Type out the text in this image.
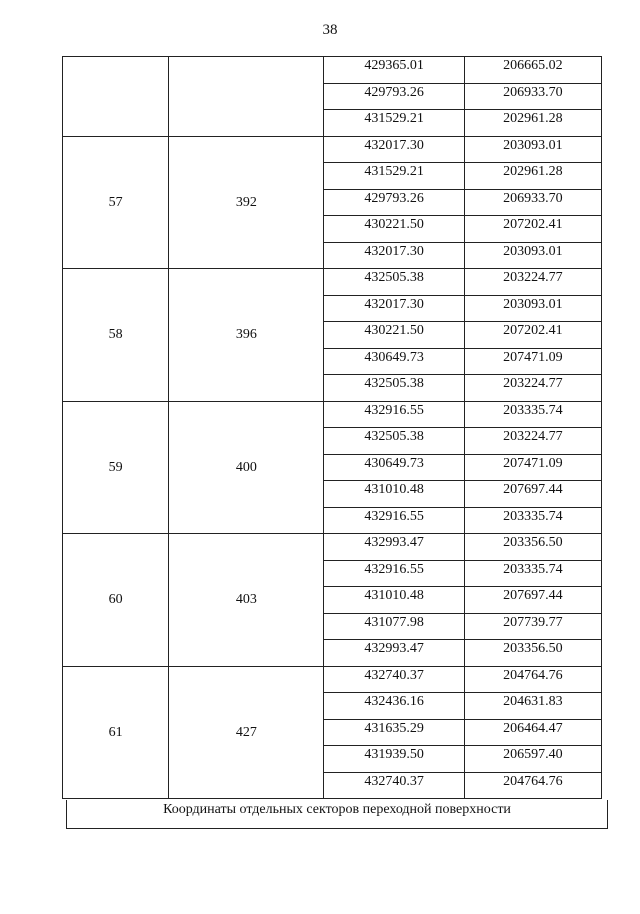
38
		429365.01	206665.02
		429793.26	206933.70
		431529.21	202961.28
57	392	432017.30	203093.01
		431529.21	202961.28
		429793.26	206933.70
		430221.50	207202.41
		432017.30	203093.01
58	396	432505.38	203224.77
		432017.30	203093.01
		430221.50	207202.41
		430649.73	207471.09
		432505.38	203224.77
59	400	432916.55	203335.74
		432505.38	203224.77
		430649.73	207471.09
		431010.48	207697.44
		432916.55	203335.74
60	403	432993.47	203356.50
		432916.55	203335.74
		431010.48	207697.44
		431077.98	207739.77
		432993.47	203356.50
61	427	432740.37	204764.76
		432436.16	204631.83
		431635.29	206464.47
		431939.50	206597.40
		432740.37	204764.76
Координаты отдельных секторов переходной поверхности
